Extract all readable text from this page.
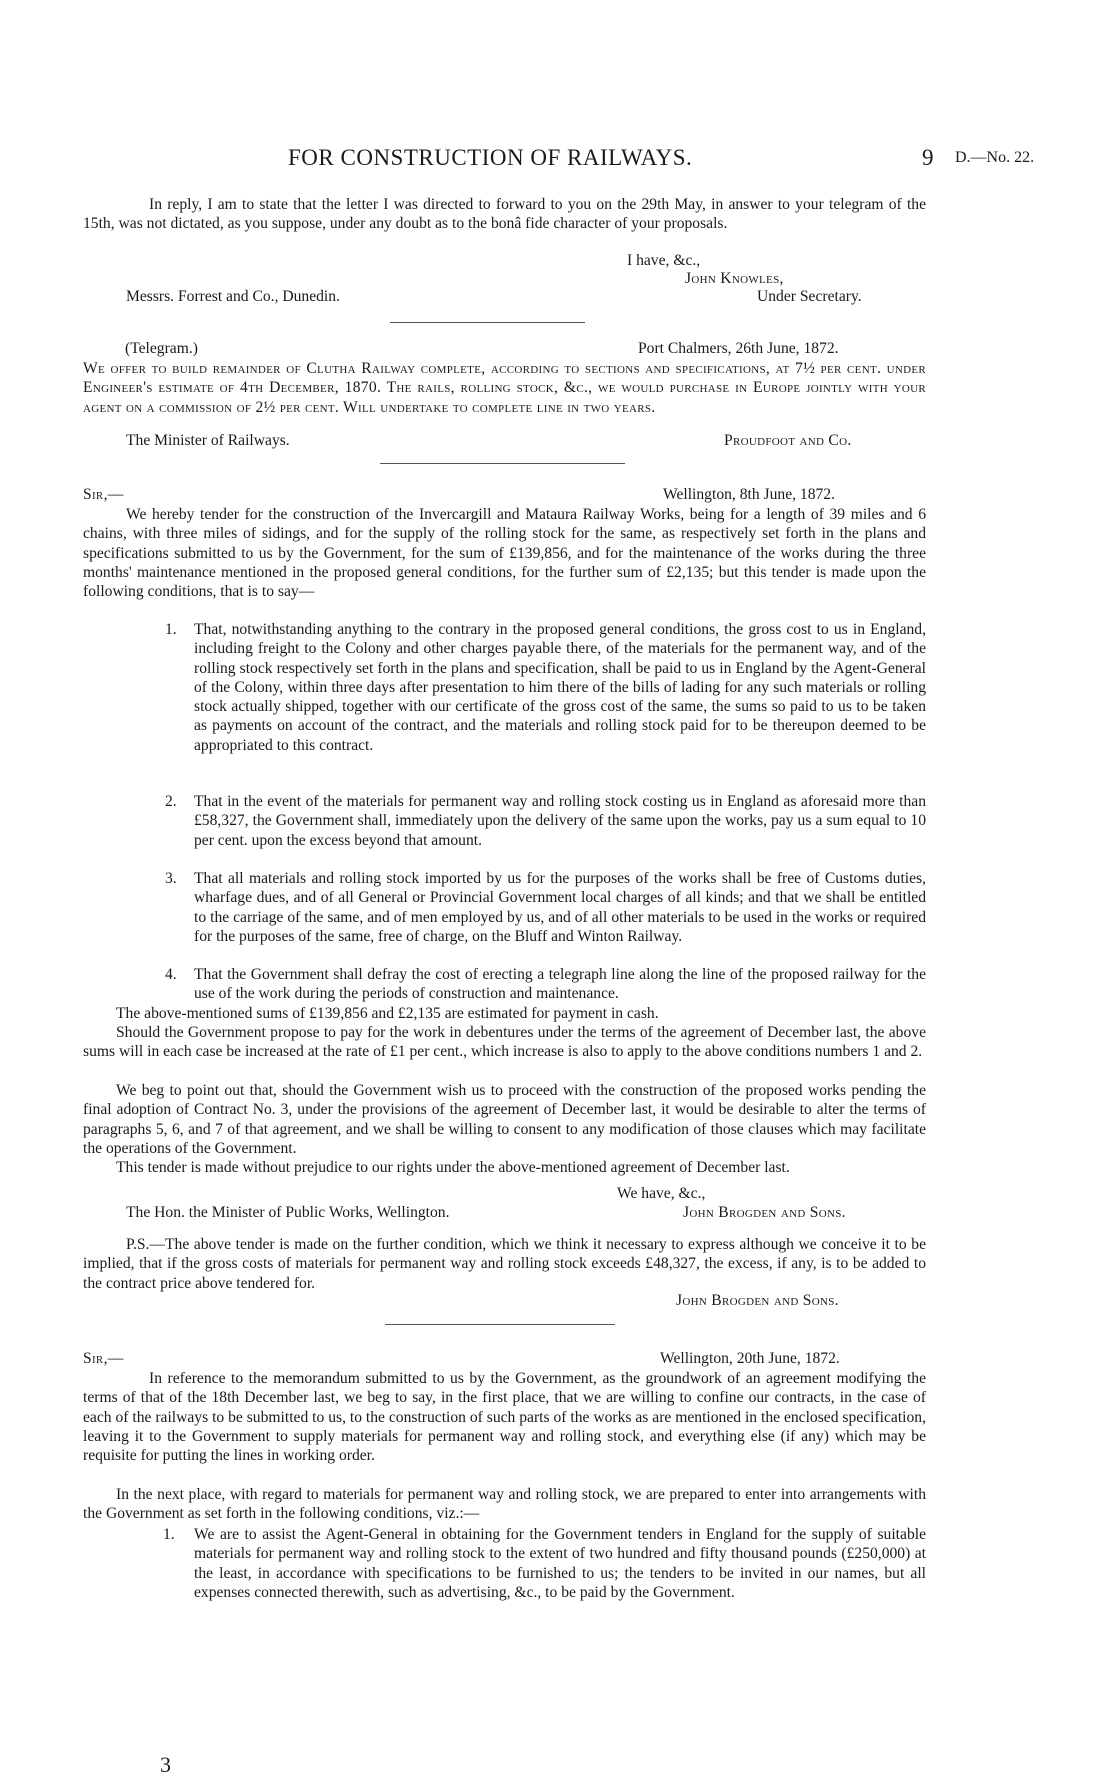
FOR CONSTRUCTION OF RAILWAYS.	9 D.—No. 22.
In reply, I am to state that the letter I was directed to forward to you on the 29th May, in answer to your telegram of the 15th, was not dictated, as you suppose, under any doubt as to the bonâ fide character of your proposals.
I have, &c.,
John Knowles,
Under Secretary.
Messrs. Forrest and Co., Dunedin.
(Telegram.)	Port Chalmers, 26th June, 1872.
We offer to build remainder of Clutha Railway complete, according to sections and specifications, at 7½ per cent. under Engineer's estimate of 4th December, 1870. The rails, rolling stock, &c., we would purchase in Europe jointly with your agent on a commission of 2½ per cent. Will undertake to complete line in two years.
The Minister of Railways.	Proudfoot and Co.
Sir,—	Wellington, 8th June, 1872.
We hereby tender for the construction of the Invercargill and Mataura Railway Works, being for a length of 39 miles and 6 chains, with three miles of sidings, and for the supply of the rolling stock for the same, as respectively set forth in the plans and specifications submitted to us by the Government, for the sum of £139,856, and for the maintenance of the works during the three months' maintenance mentioned in the proposed general conditions, for the further sum of £2,135; but this tender is made upon the following conditions, that is to say—
1. That, notwithstanding anything to the contrary in the proposed general conditions, the gross cost to us in England, including freight to the Colony and other charges payable there, of the materials for the permanent way, and of the rolling stock respectively set forth in the plans and specification, shall be paid to us in England by the Agent-General of the Colony, within three days after presentation to him there of the bills of lading for any such materials or rolling stock actually shipped, together with our certificate of the gross cost of the same, the sums so paid to us to be taken as payments on account of the contract, and the materials and rolling stock paid for to be thereupon deemed to be appropriated to this contract.
2. That in the event of the materials for permanent way and rolling stock costing us in England as aforesaid more than £58,327, the Government shall, immediately upon the delivery of the same upon the works, pay us a sum equal to 10 per cent. upon the excess beyond that amount.
3. That all materials and rolling stock imported by us for the purposes of the works shall be free of Customs duties, wharfage dues, and of all General or Provincial Government local charges of all kinds; and that we shall be entitled to the carriage of the same, and of men employed by us, and of all other materials to be used in the works or required for the purposes of the same, free of charge, on the Bluff and Winton Railway.
4. That the Government shall defray the cost of erecting a telegraph line along the line of the proposed railway for the use of the work during the periods of construction and maintenance.
The above-mentioned sums of £139,856 and £2,135 are estimated for payment in cash.
Should the Government propose to pay for the work in debentures under the terms of the agreement of December last, the above sums will in each case be increased at the rate of £1 per cent., which increase is also to apply to the above conditions numbers 1 and 2.
We beg to point out that, should the Government wish us to proceed with the construction of the proposed works pending the final adoption of Contract No. 3, under the provisions of the agreement of December last, it would be desirable to alter the terms of paragraphs 5, 6, and 7 of that agreement, and we shall be willing to consent to any modification of those clauses which may facilitate the operations of the Government.
This tender is made without prejudice to our rights under the above-mentioned agreement of December last.
We have, &c.,
The Hon. the Minister of Public Works, Wellington.	John Brogden and Sons.
P.S.—The above tender is made on the further condition, which we think it necessary to express although we conceive it to be implied, that if the gross costs of materials for permanent way and rolling stock exceeds £48,327, the excess, if any, is to be added to the contract price above tendered for.
John Brogden and Sons.
Sir,—	Wellington, 20th June, 1872.
In reference to the memorandum submitted to us by the Government, as the groundwork of an agreement modifying the terms of that of the 18th December last, we beg to say, in the first place, that we are willing to confine our contracts, in the case of each of the railways to be submitted to us, to the construction of such parts of the works as are mentioned in the enclosed specification, leaving it to the Government to supply materials for permanent way and rolling stock, and everything else (if any) which may be requisite for putting the lines in working order.
In the next place, with regard to materials for permanent way and rolling stock, we are prepared to enter into arrangements with the Government as set forth in the following conditions, viz.:—
1. We are to assist the Agent-General in obtaining for the Government tenders in England for the supply of suitable materials for permanent way and rolling stock to the extent of two hundred and fifty thousand pounds (£250,000) at the least, in accordance with specifications to be furnished to us; the tenders to be invited in our names, but all expenses connected therewith, such as advertising, &c., to be paid by the Government.
3
